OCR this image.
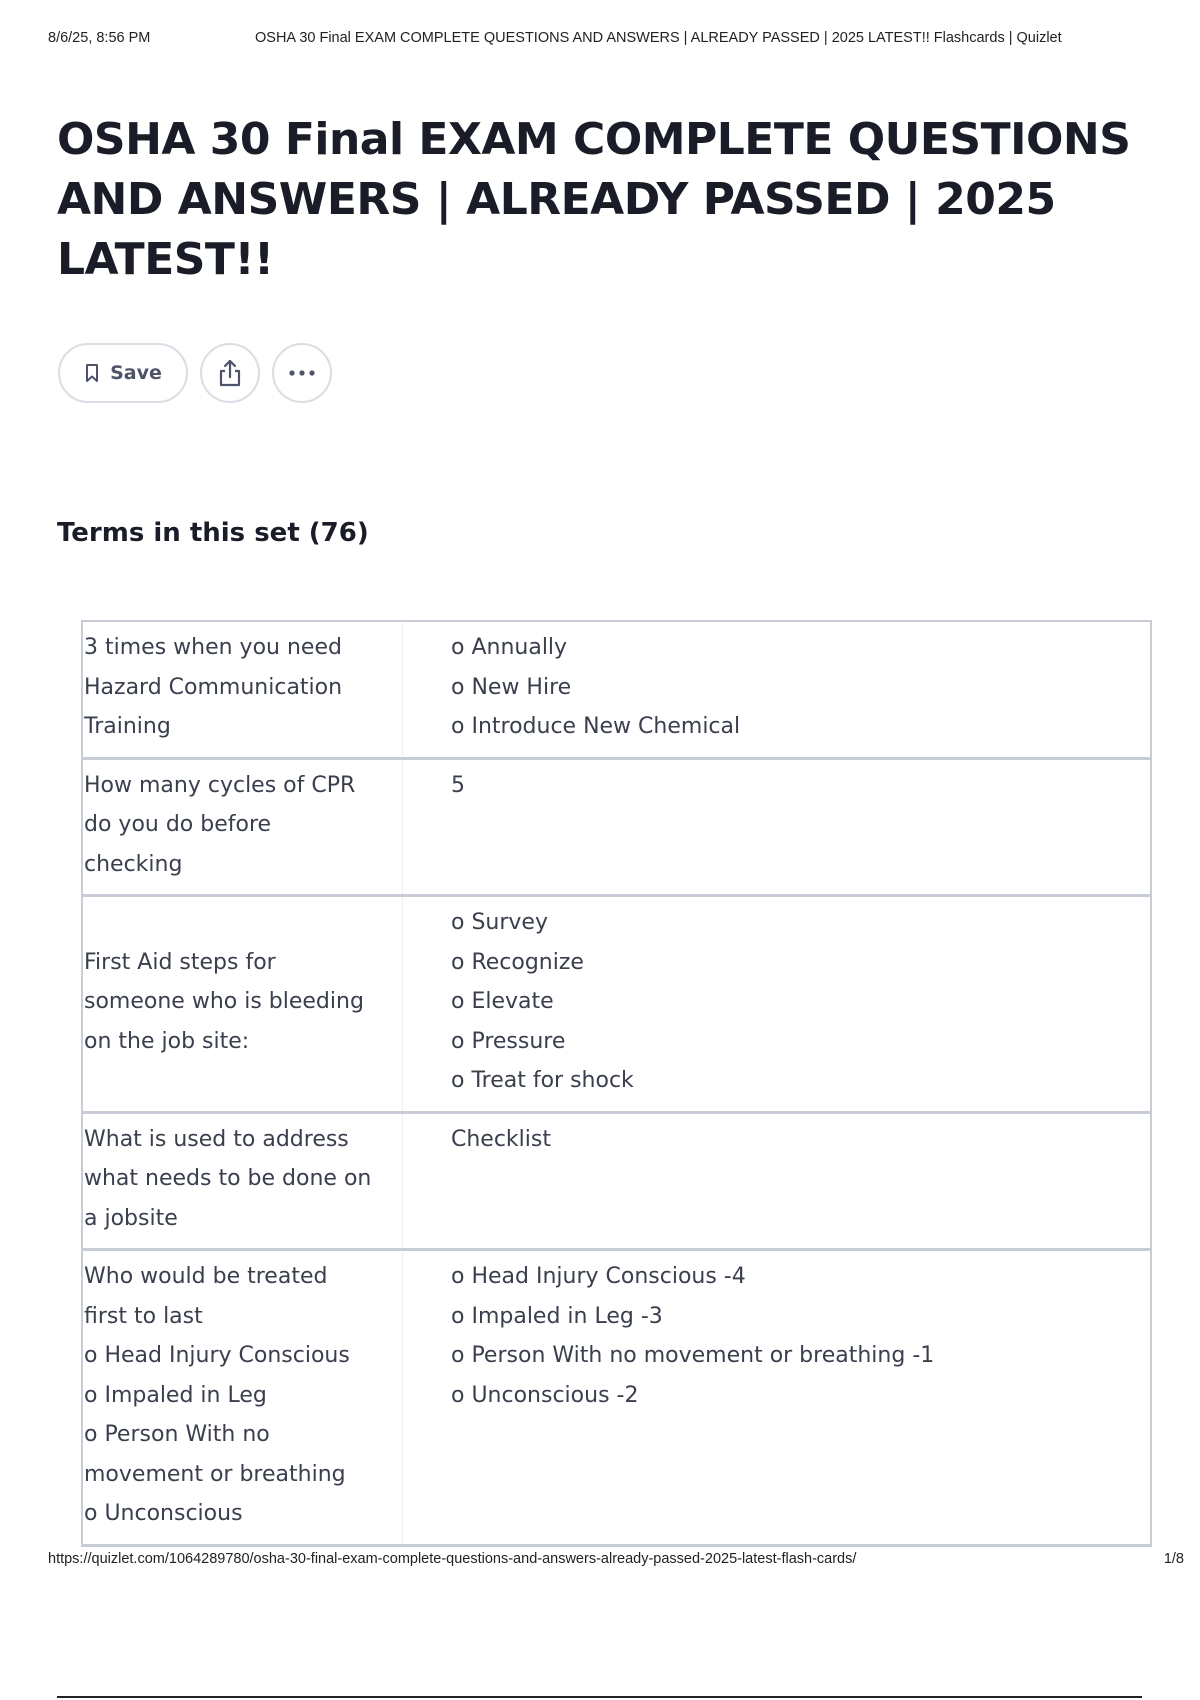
8/6/25, 8:56 PM	OSHA 30 Final EXAM COMPLETE QUESTIONS AND ANSWERS | ALREADY PASSED | 2025 LATEST!! Flashcards | Quizlet
OSHA 30 Final EXAM COMPLETE QUESTIONS
AND ANSWERS | ALREADY PASSED | 2025
LATEST!!
Save
Terms in this set (76)
3 times when you need
Hazard Communication
Training
o Annually
o New Hire
o Introduce New Chemical
How many cycles of CPR
do you do before
checking
5
First Aid steps for
someone who is bleeding
on the job site:
o Survey
o Recognize
o Elevate
o Pressure
o Treat for shock
What is used to address
what needs to be done on
a jobsite
Checklist
Who would be treated
first to last
o Head Injury Conscious
o Impaled in Leg
o Person With no
movement or breathing
o Unconscious
o Head Injury Conscious -4
o Impaled in Leg -3
o Person With no movement or breathing -1
o Unconscious -2
https://quizlet.com/1064289780/osha-30-final-exam-complete-questions-and-answers-already-passed-2025-latest-flash-cards/	1/8
